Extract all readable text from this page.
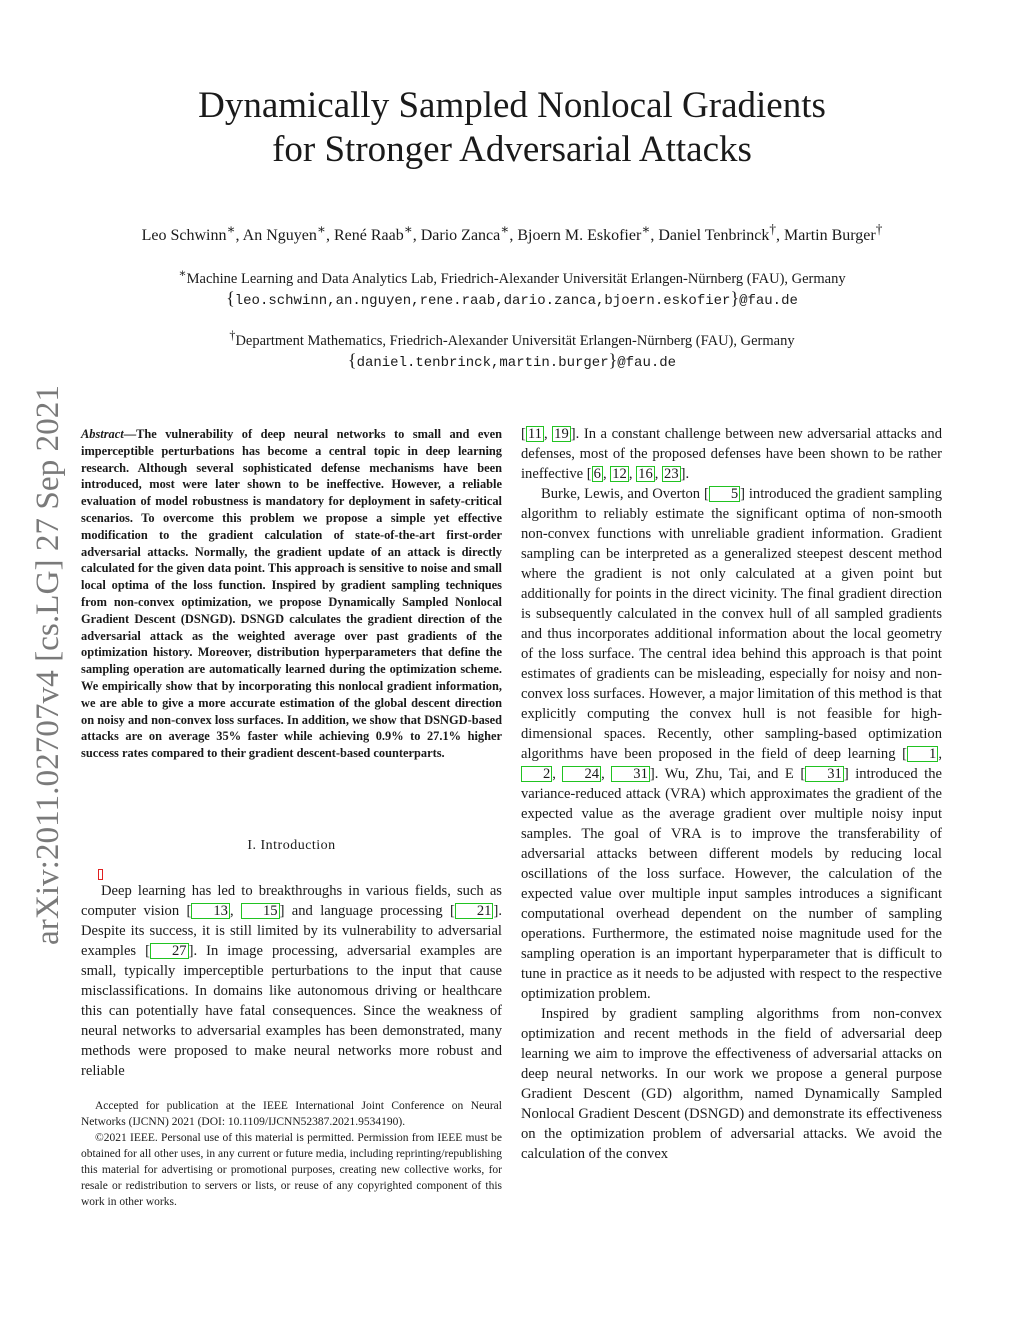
Dynamically Sampled Nonlocal Gradients
for Stronger Adversarial Attacks
Leo Schwinn∗, An Nguyen∗, René Raab∗, Dario Zanca∗, Bjoern M. Eskofier∗, Daniel Tenbrinck†, Martin Burger†
∗Machine Learning and Data Analytics Lab, Friedrich-Alexander Universität Erlangen-Nürnberg (FAU), Germany
{leo.schwinn,an.nguyen,rene.raab,dario.zanca,bjoern.eskofier}@fau.de
†Department Mathematics, Friedrich-Alexander Universität Erlangen-Nürnberg (FAU), Germany
{daniel.tenbrinck,martin.burger}@fau.de
arXiv:2011.02707v4 [cs.LG] 27 Sep 2021 Abstract—The vulnerability of deep neural networks to small and even imperceptible perturbations has become a central topic in deep learning research. Although several sophisticated defense mechanisms have been introduced, most were later shown to be ineffective. However, a reliable evaluation of model robustness is mandatory for deployment in safety-critical scenarios. To overcome this problem we propose a simple yet effective modification to the gradient calculation of state-of-the-art first-order adversarial attacks. Normally, the gradient update of an attack is directly calculated for the given data point. This approach is sensitive to noise and small local optima of the loss function. Inspired by gradient sampling techniques from non-convex optimization, we propose Dynamically Sampled Nonlocal Gradient Descent (DSNGD). DSNGD calculates the gradient direction of the adversarial attack as the weighted average over past gradients of the optimization history. Moreover, distribution hyperparameters that define the sampling operation are automatically learned during the optimization scheme. We empirically show that by incorporating this nonlocal gradient information, we are able to give a more accurate estimation of the global descent direction on noisy and non-convex loss surfaces. In addition, we show that DSNGD-based attacks are on average 35% faster while achieving 0.9% to 27.1% higher success rates compared to their gradient descent-based counterparts.
I. Introduction

Deep learning has led to breakthroughs in various fields, such as computer vision [ 13 , 15 ] and language processing [ 21 ]. Despite its success, it is still limited by its vulnerability to adversarial examples [ 27 ]. In image processing, adversarial examples are small, typically imperceptible perturbations to the input that cause misclassifications. In domains like autonomous driving or healthcare this can potentially have fatal consequences. Since the weakness of neural networks to adversarial examples has been demonstrated, many methods were proposed to make neural networks more robust and reliable

Accepted for publication at the IEEE International Joint Conference on Neural Networks (IJCNN) 2021 (DOI: 10.1109/IJCNN52387.2021.9534190).

©2021 IEEE. Personal use of this material is permitted. Permission from IEEE must be obtained for all other uses, in any current or future media, including reprinting/republishing this material for advertising or promotional purposes, creating new collective works, for resale or redistribution to servers or lists, or reuse of any copyrighted component of this work in other works.

[ 11 , 19 ]. In a constant challenge between new adversarial attacks and defenses, most of the proposed defenses have been shown to be rather ineffective [ 6 , 12 , 16 , 23 ].

Burke, Lewis, and Overton [ 5 ] introduced the gradient sampling algorithm to reliably estimate the significant optima of non-smooth non-convex functions with unreliable gradient information. Gradient sampling can be interpreted as a generalized steepest descent method where the gradient is not only calculated at a given point but additionally for points in the direct vicinity. The final gradient direction is subsequently calculated in the convex hull of all sampled gradients and thus incorporates additional information about the local geometry of the loss surface. The central idea behind this approach is that point estimates of gradients can be misleading, especially for noisy and non-convex loss surfaces. However, a major limitation of this method is that explicitly computing the convex hull is not feasible for high-dimensional spaces. Recently, other sampling-based optimization algorithms have been proposed in the field of deep learning [ 1 , 2 , 24 , 31 ]. Wu, Zhu, Tai, and E [ 31 ] introduced the variance-reduced attack (VRA) which approximates the gradient of the expected value as the average gradient over multiple noisy input samples. The goal of VRA is to improve the transferability of adversarial attacks between different models by reducing local oscillations of the loss surface. However, the calculation of the expected value over multiple input samples introduces a significant computational overhead dependent on the number of sampling operations. Furthermore, the estimated noise magnitude used for the sampling operation is an important hyperparameter that is difficult to tune in practice as it needs to be adjusted with respect to the respective optimization problem.

Inspired by gradient sampling algorithms from non-convex optimization and recent methods in the field of adversarial deep learning we aim to improve the effectiveness of adversarial attacks on deep neural networks. In our work we propose a general purpose Gradient Descent (GD) algorithm, named Dynamically Sampled Nonlocal Gradient Descent (DSNGD) and demonstrate its effectiveness on the optimization problem of adversarial attacks. We avoid the calculation of the convex
